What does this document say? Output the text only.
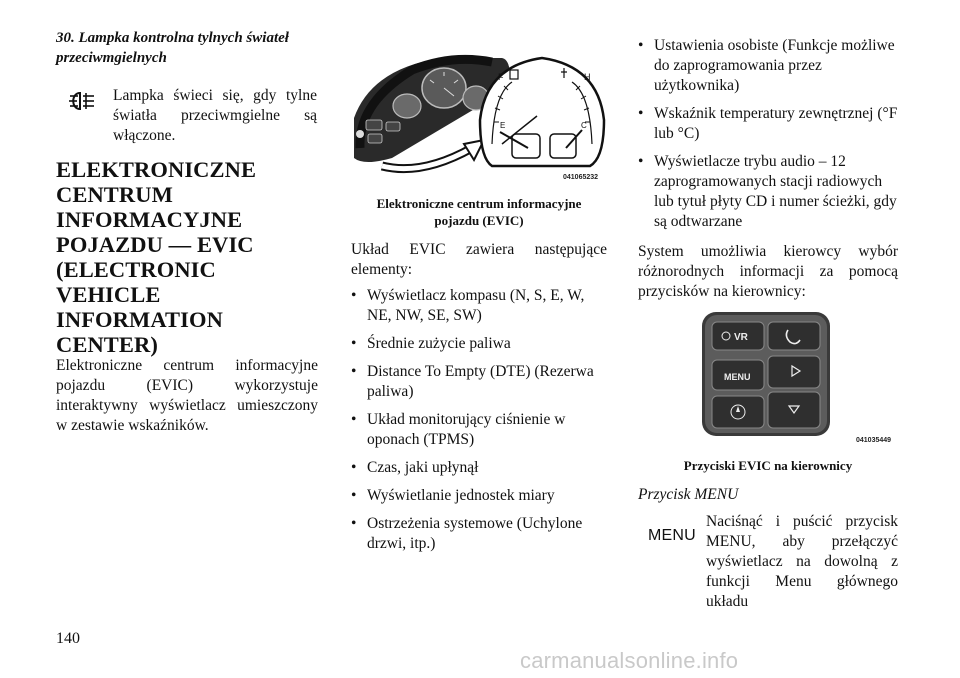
30. Lampka kontrolna tylnych świateł przeciwmgielnych

Lampka świeci się, gdy tylne światła przeciwmgielne są włączone.

ELEKTRONICZNE CENTRUM INFORMACYJNE POJAZDU — EVIC (ELECTRONIC VEHICLE INFORMATION CENTER)

Elektroniczne centrum informacyjne pojazdu (EVIC) wykorzystuje interaktywny wyświetlacz umieszczony w zestawie wskaźników.

F	H
E	C
041065232

Elektroniczne centrum informacyjne pojazdu (EVIC)

Układ EVIC zawiera następujące elementy:

• Wyświetlacz kompasu (N, S, E, W, NE, NW, SE, SW)
• Średnie zużycie paliwa
• Distance To Empty (DTE) (Rezerwa paliwa)
• Układ monitorujący ciśnienie w oponach (TPMS)
• Czas, jaki upłynął
• Wyświetlanie jednostek miary
• Ostrzeżenia systemowe (Uchylone drzwi, itp.)
• Ustawienia osobiste (Funkcje możliwe do zaprogramowania przez użytkownika)
• Wskaźnik temperatury zewnętrznej (°F lub °C)
• Wyświetlacze trybu audio – 12 zaprogramowanych stacji radiowych lub tytuł płyty CD i numer ścieżki, gdy są odtwarzane

System umożliwia kierowcy wybór różnorodnych informacji za pomocą przycisków na kierownicy:

VR
MENU
041035449

Przyciski EVIC na kierownicy

Przycisk MENU

MENU

Naciśnąć i puścić przycisk MENU, aby przełączyć wyświetlacz na dowolną z funkcji Menu głównego układu

140
carmanualsonline.info
